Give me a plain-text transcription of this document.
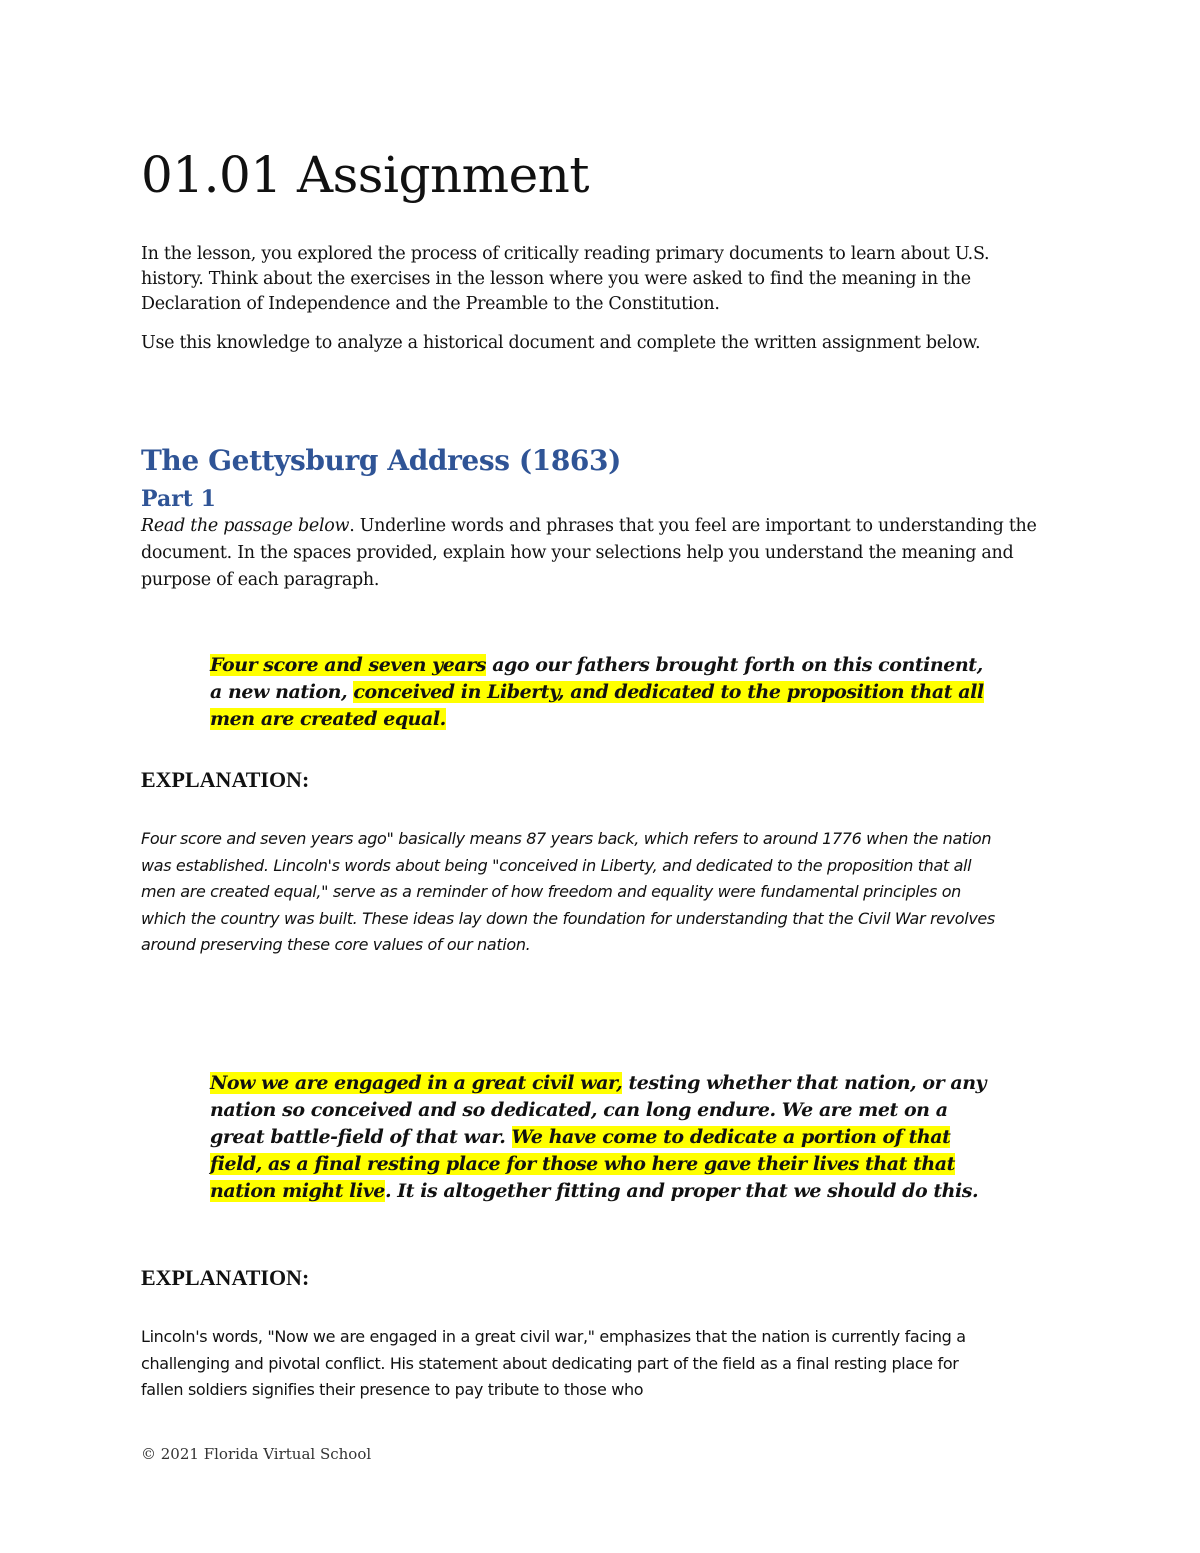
01.01 Assignment

In the lesson, you explored the process of critically reading primary documents to learn about U.S. history. Think about the exercises in the lesson where you were asked to find the meaning in the Declaration of Independence and the Preamble to the Constitution.

Use this knowledge to analyze a historical document and complete the written assignment below.

The Gettysburg Address (1863)
Part 1

Read the passage below. Underline words and phrases that you feel are important to understanding the document. In the spaces provided, explain how your selections help you understand the meaning and purpose of each paragraph.

Four score and seven years ago our fathers brought forth on this continent, a new nation, conceived in Liberty, and dedicated to the proposition that all men are created equal.

EXPLANATION:

Four score and seven years ago" basically means 87 years back, which refers to around 1776 when the nation was established. Lincoln's words about being "conceived in Liberty, and dedicated to the proposition that all men are created equal," serve as a reminder of how freedom and equality were fundamental principles on which the country was built. These ideas lay down the foundation for understanding that the Civil War revolves around preserving these core values of our nation.

Now we are engaged in a great civil war, testing whether that nation, or any nation so conceived and so dedicated, can long endure. We are met on a great battle-field of that war. We have come to dedicate a portion of that field, as a final resting place for those who here gave their lives that that nation might live. It is altogether fitting and proper that we should do this.

EXPLANATION:

Lincoln's words, "Now we are engaged in a great civil war," emphasizes that the nation is currently facing a challenging and pivotal conflict. His statement about dedicating part of the field as a final resting place for fallen soldiers signifies their presence to pay tribute to those who

© 2021 Florida Virtual School
